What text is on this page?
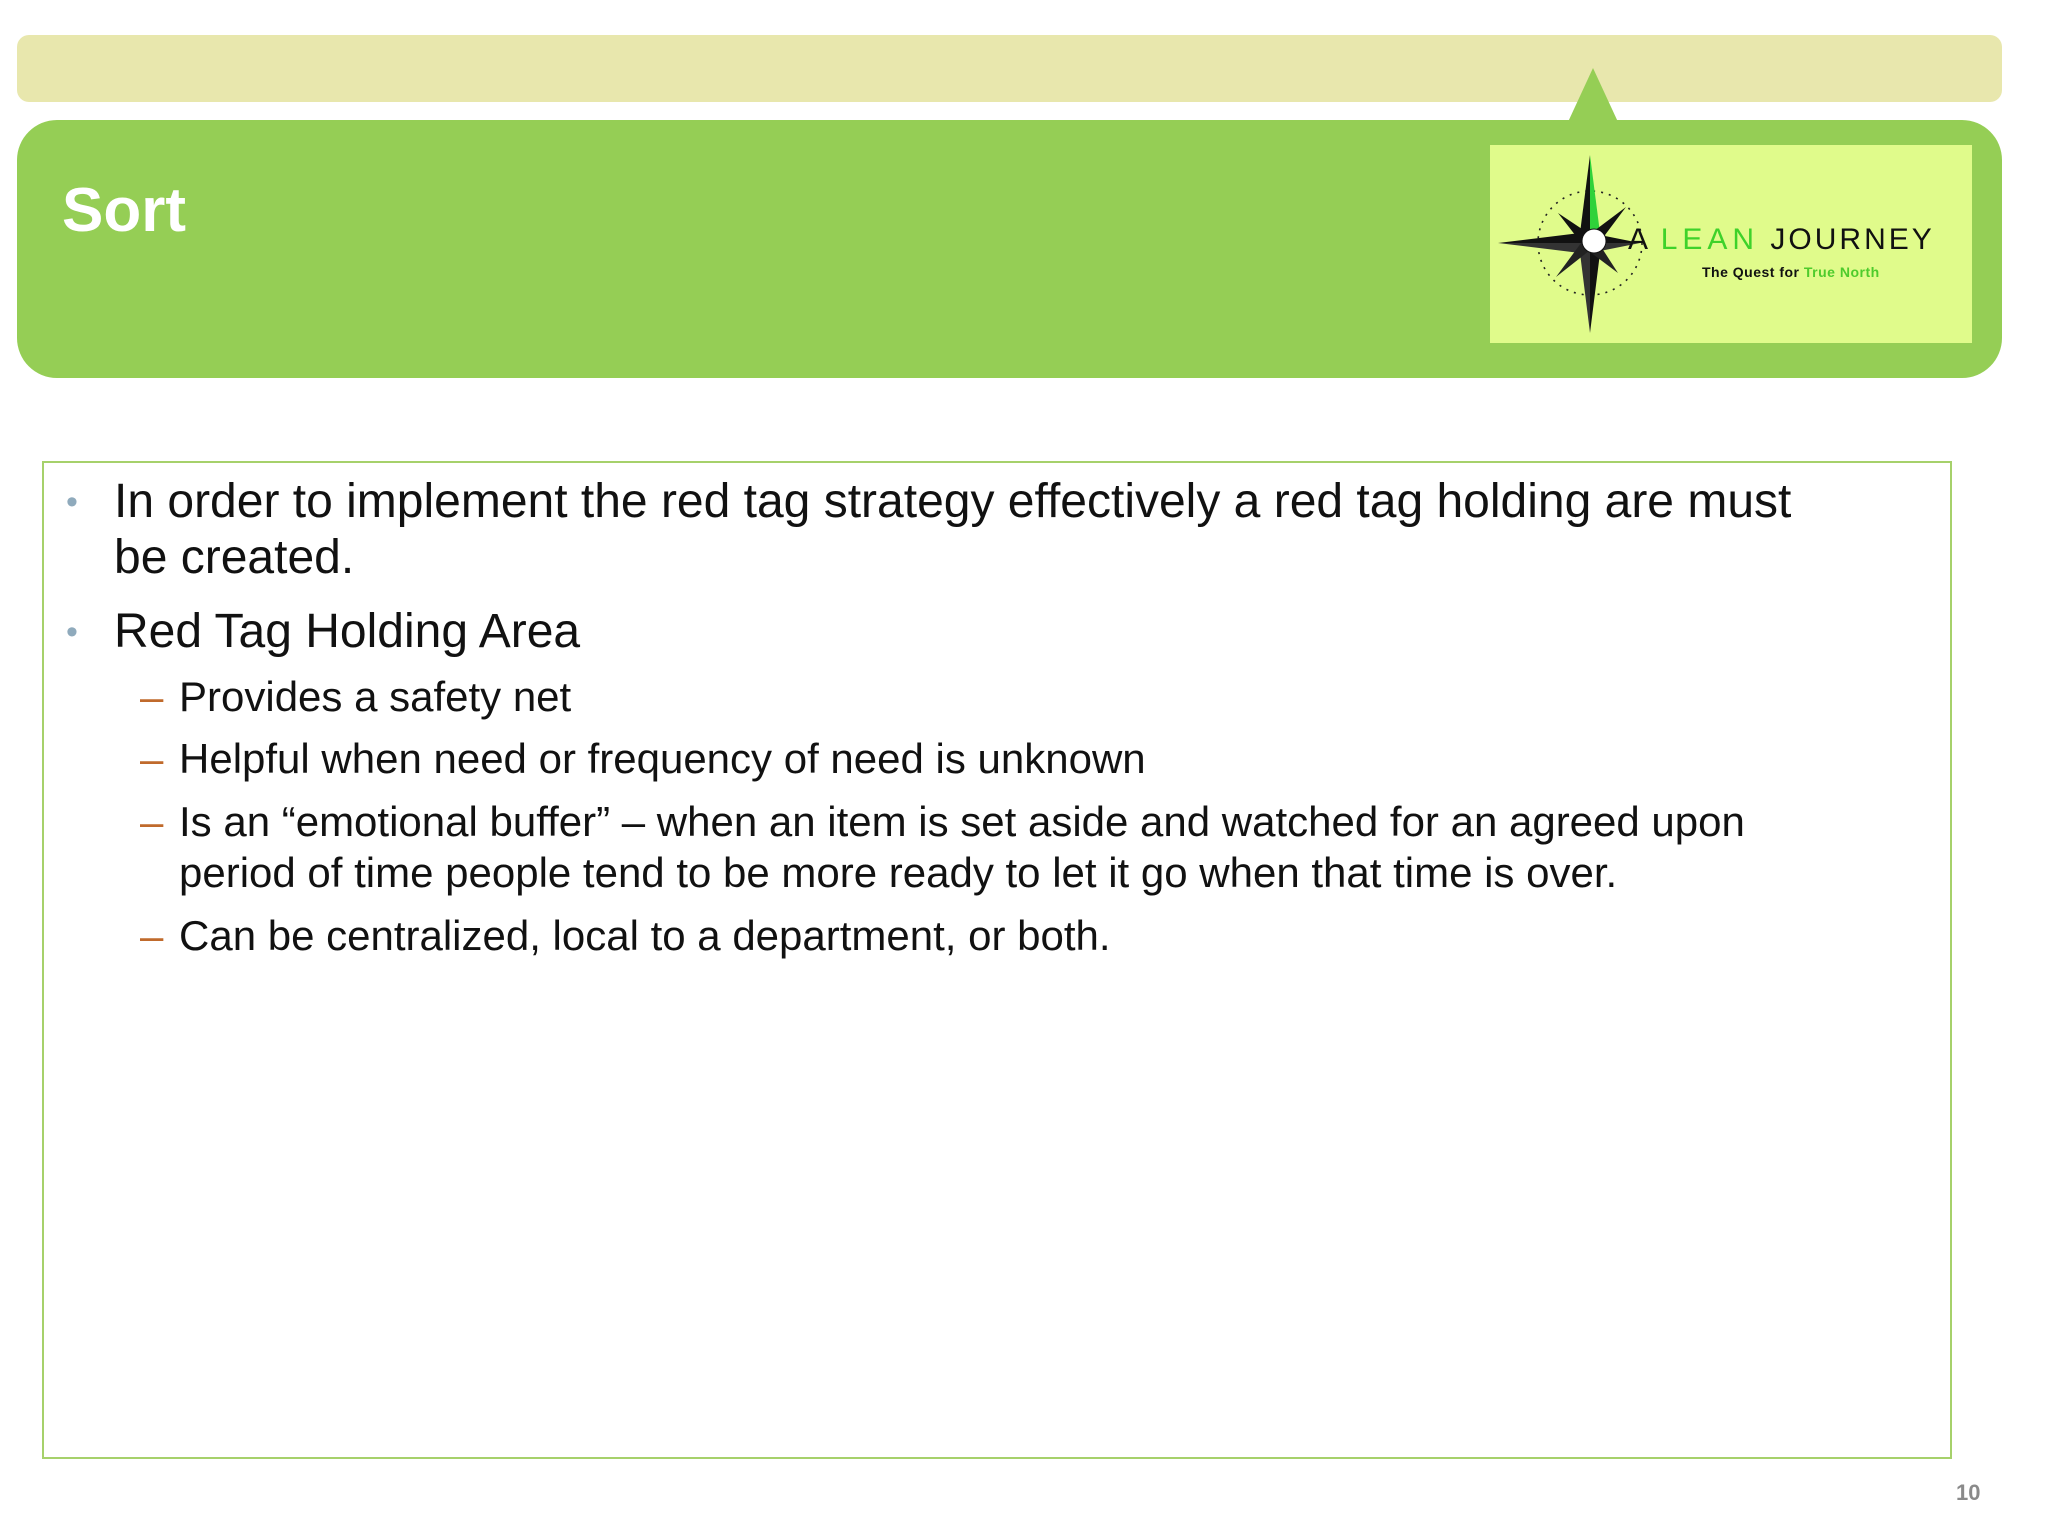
Sort	A LEAN JOURNEY
The Quest for True North
• In order to implement the red tag strategy effectively a red tag holding are must
be created.
• Red Tag Holding Area
– Provides a safety net
– Helpful when need or frequency of need is unknown
– Is an “emotional buffer” – when an item is set aside and watched for an agreed upon
period of time people tend to be more ready to let it go when that time is over.
– Can be centralized, local to a department, or both.
10
